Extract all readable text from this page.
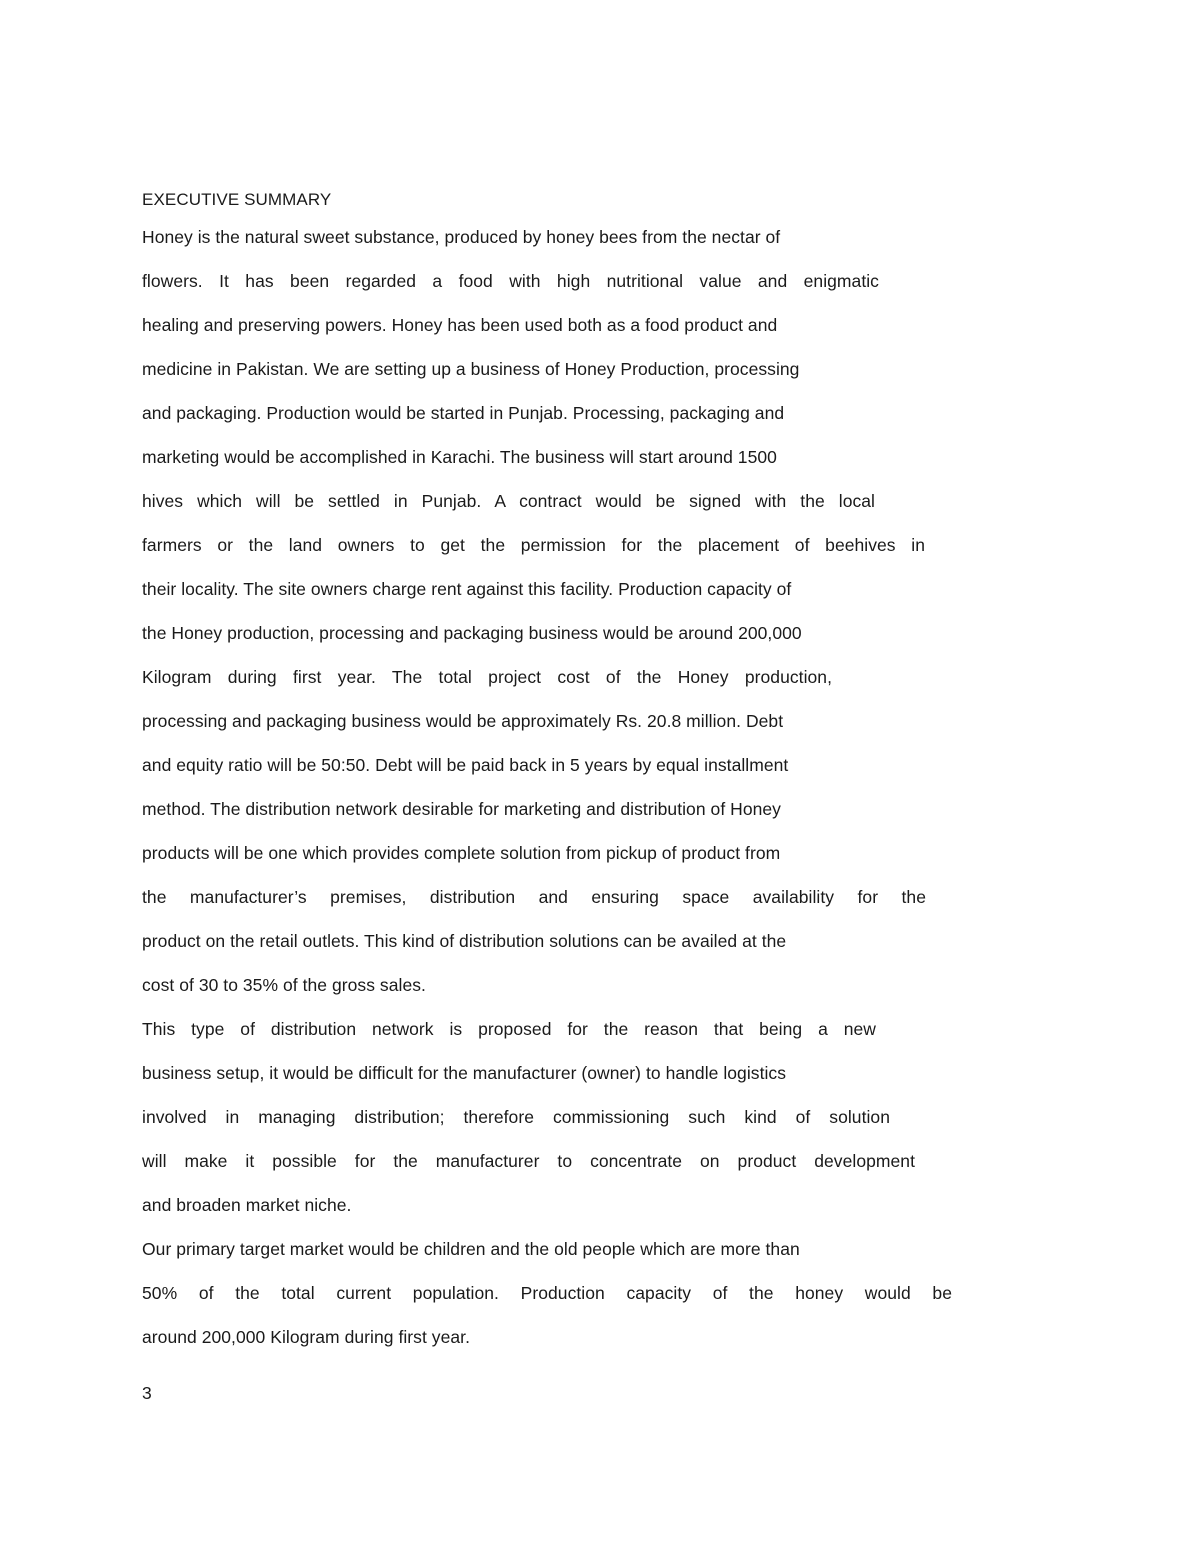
EXECUTIVE SUMMARY
Honey is the natural sweet substance, produced by honey bees from the nectar of
flowers. It has been regarded a food with high nutritional value and enigmatic
healing and preserving powers. Honey has been used both as a food product and
medicine in Pakistan. We are setting up a business of Honey Production, processing
and packaging. Production would be started in Punjab. Processing, packaging and
marketing would be accomplished in Karachi. The business will start around 1500
hives which will be settled in Punjab. A contract would be signed with the local
farmers or the land owners to get the permission for the placement of beehives in
their locality. The site owners charge rent against this facility. Production capacity of
the Honey production, processing and packaging business would be around 200,000
Kilogram during first year. The total project cost of the Honey production,
processing and packaging business would be approximately Rs. 20.8 million. Debt
and equity ratio will be 50:50. Debt will be paid back in 5 years by equal installment
method. The distribution network desirable for marketing and distribution of Honey
products will be one which provides complete solution from pickup of product from
the manufacturer’s premises, distribution and ensuring space availability for the
product on the retail outlets. This kind of distribution solutions can be availed at the
cost of 30 to 35% of the gross sales.
This type of distribution network is proposed for the reason that being a new
business setup, it would be difficult for the manufacturer (owner) to handle logistics
involved in managing distribution; therefore commissioning such kind of solution
will make it possible for the manufacturer to concentrate on product development
and broaden market niche.
Our primary target market would be children and the old people which are more than
50% of the total current population. Production capacity of the honey would be
around 200,000 Kilogram during first year.
3
